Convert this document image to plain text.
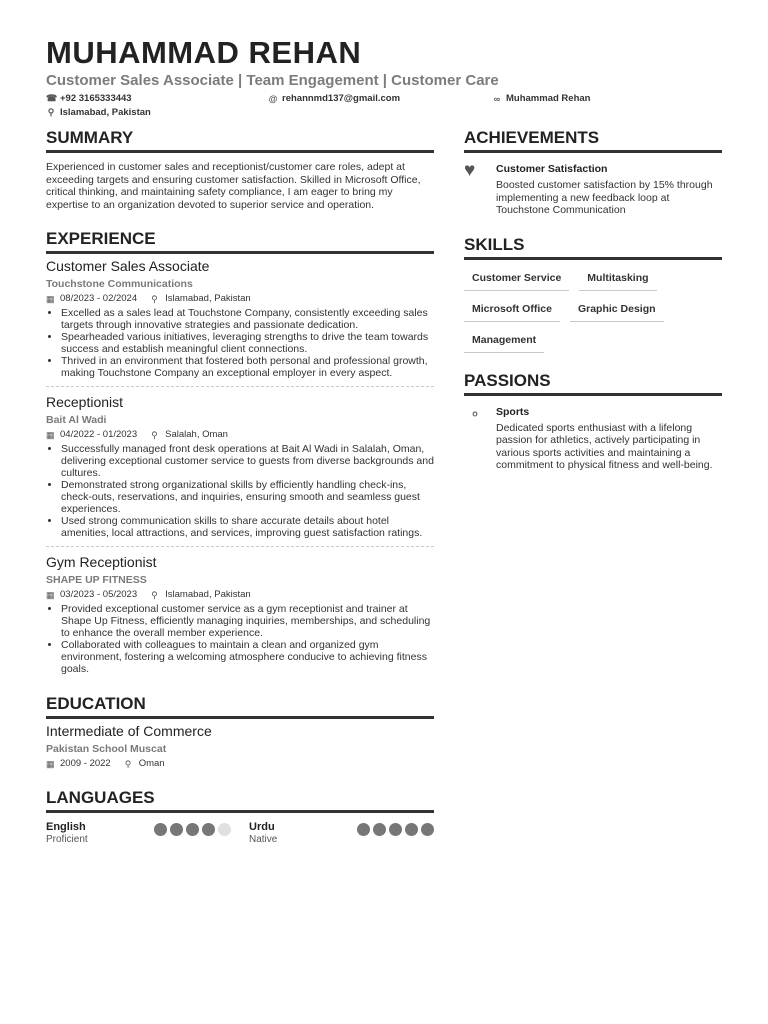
MUHAMMAD REHAN
Customer Sales Associate | Team Engagement | Customer Care
☎ +92 3165333443	@ rehannmd137@gmail.com	∞ Muhammad Rehan
⚲ Islamabad, Pakistan
SUMMARY
Experienced in customer sales and receptionist/customer care roles, adept at exceeding targets and ensuring customer satisfaction. Skilled in Microsoft Office, critical thinking, and maintaining safety compliance, I am eager to bring my expertise to an organization devoted to superior service and operation.
EXPERIENCE
Customer Sales Associate
Touchstone Communications
▦ 08/2023 - 02/2024 ⚲ Islamabad, Pakistan
• Excelled as a sales lead at Touchstone Company, consistently exceeding sales targets through innovative strategies and passionate dedication.
• Spearheaded various initiatives, leveraging strengths to drive the team towards success and establish meaningful client connections.
• Thrived in an environment that fostered both personal and professional growth, making Touchstone Company an exceptional employer in every aspect.
Receptionist
Bait Al Wadi
▦ 04/2022 - 01/2023 ⚲ Salalah, Oman
• Successfully managed front desk operations at Bait Al Wadi in Salalah, Oman, delivering exceptional customer service to guests from diverse backgrounds and cultures.
• Demonstrated strong organizational skills by efficiently handling check-ins, check-outs, reservations, and inquiries, ensuring smooth and seamless guest experiences.
• Used strong communication skills to share accurate details about hotel amenities, local attractions, and services, improving guest satisfaction ratings.
Gym Receptionist
SHAPE UP FITNESS
▦ 03/2023 - 05/2023 ⚲ Islamabad, Pakistan
• Provided exceptional customer service as a gym receptionist and trainer at Shape Up Fitness, efficiently managing inquiries, memberships, and scheduling to enhance the overall member experience.
• Collaborated with colleagues to maintain a clean and organized gym environment, fostering a welcoming atmosphere conducive to achieving fitness goals.
EDUCATION
Intermediate of Commerce
Pakistan School Muscat
▦ 2009 - 2022 ⚲ Oman
LANGUAGES
English
Proficient
Urdu
Native
ACHIEVEMENTS
♥	Customer Satisfaction
Boosted customer satisfaction by 15% through implementing a new feedback loop at Touchstone Communication
SKILLS
Customer Service	Multitasking
Microsoft Office	Graphic Design
Management
PASSIONS
⚬	Sports
Dedicated sports enthusiast with a lifelong passion for athletics, actively participating in various sports activities and maintaining a commitment to physical fitness and well-being.
